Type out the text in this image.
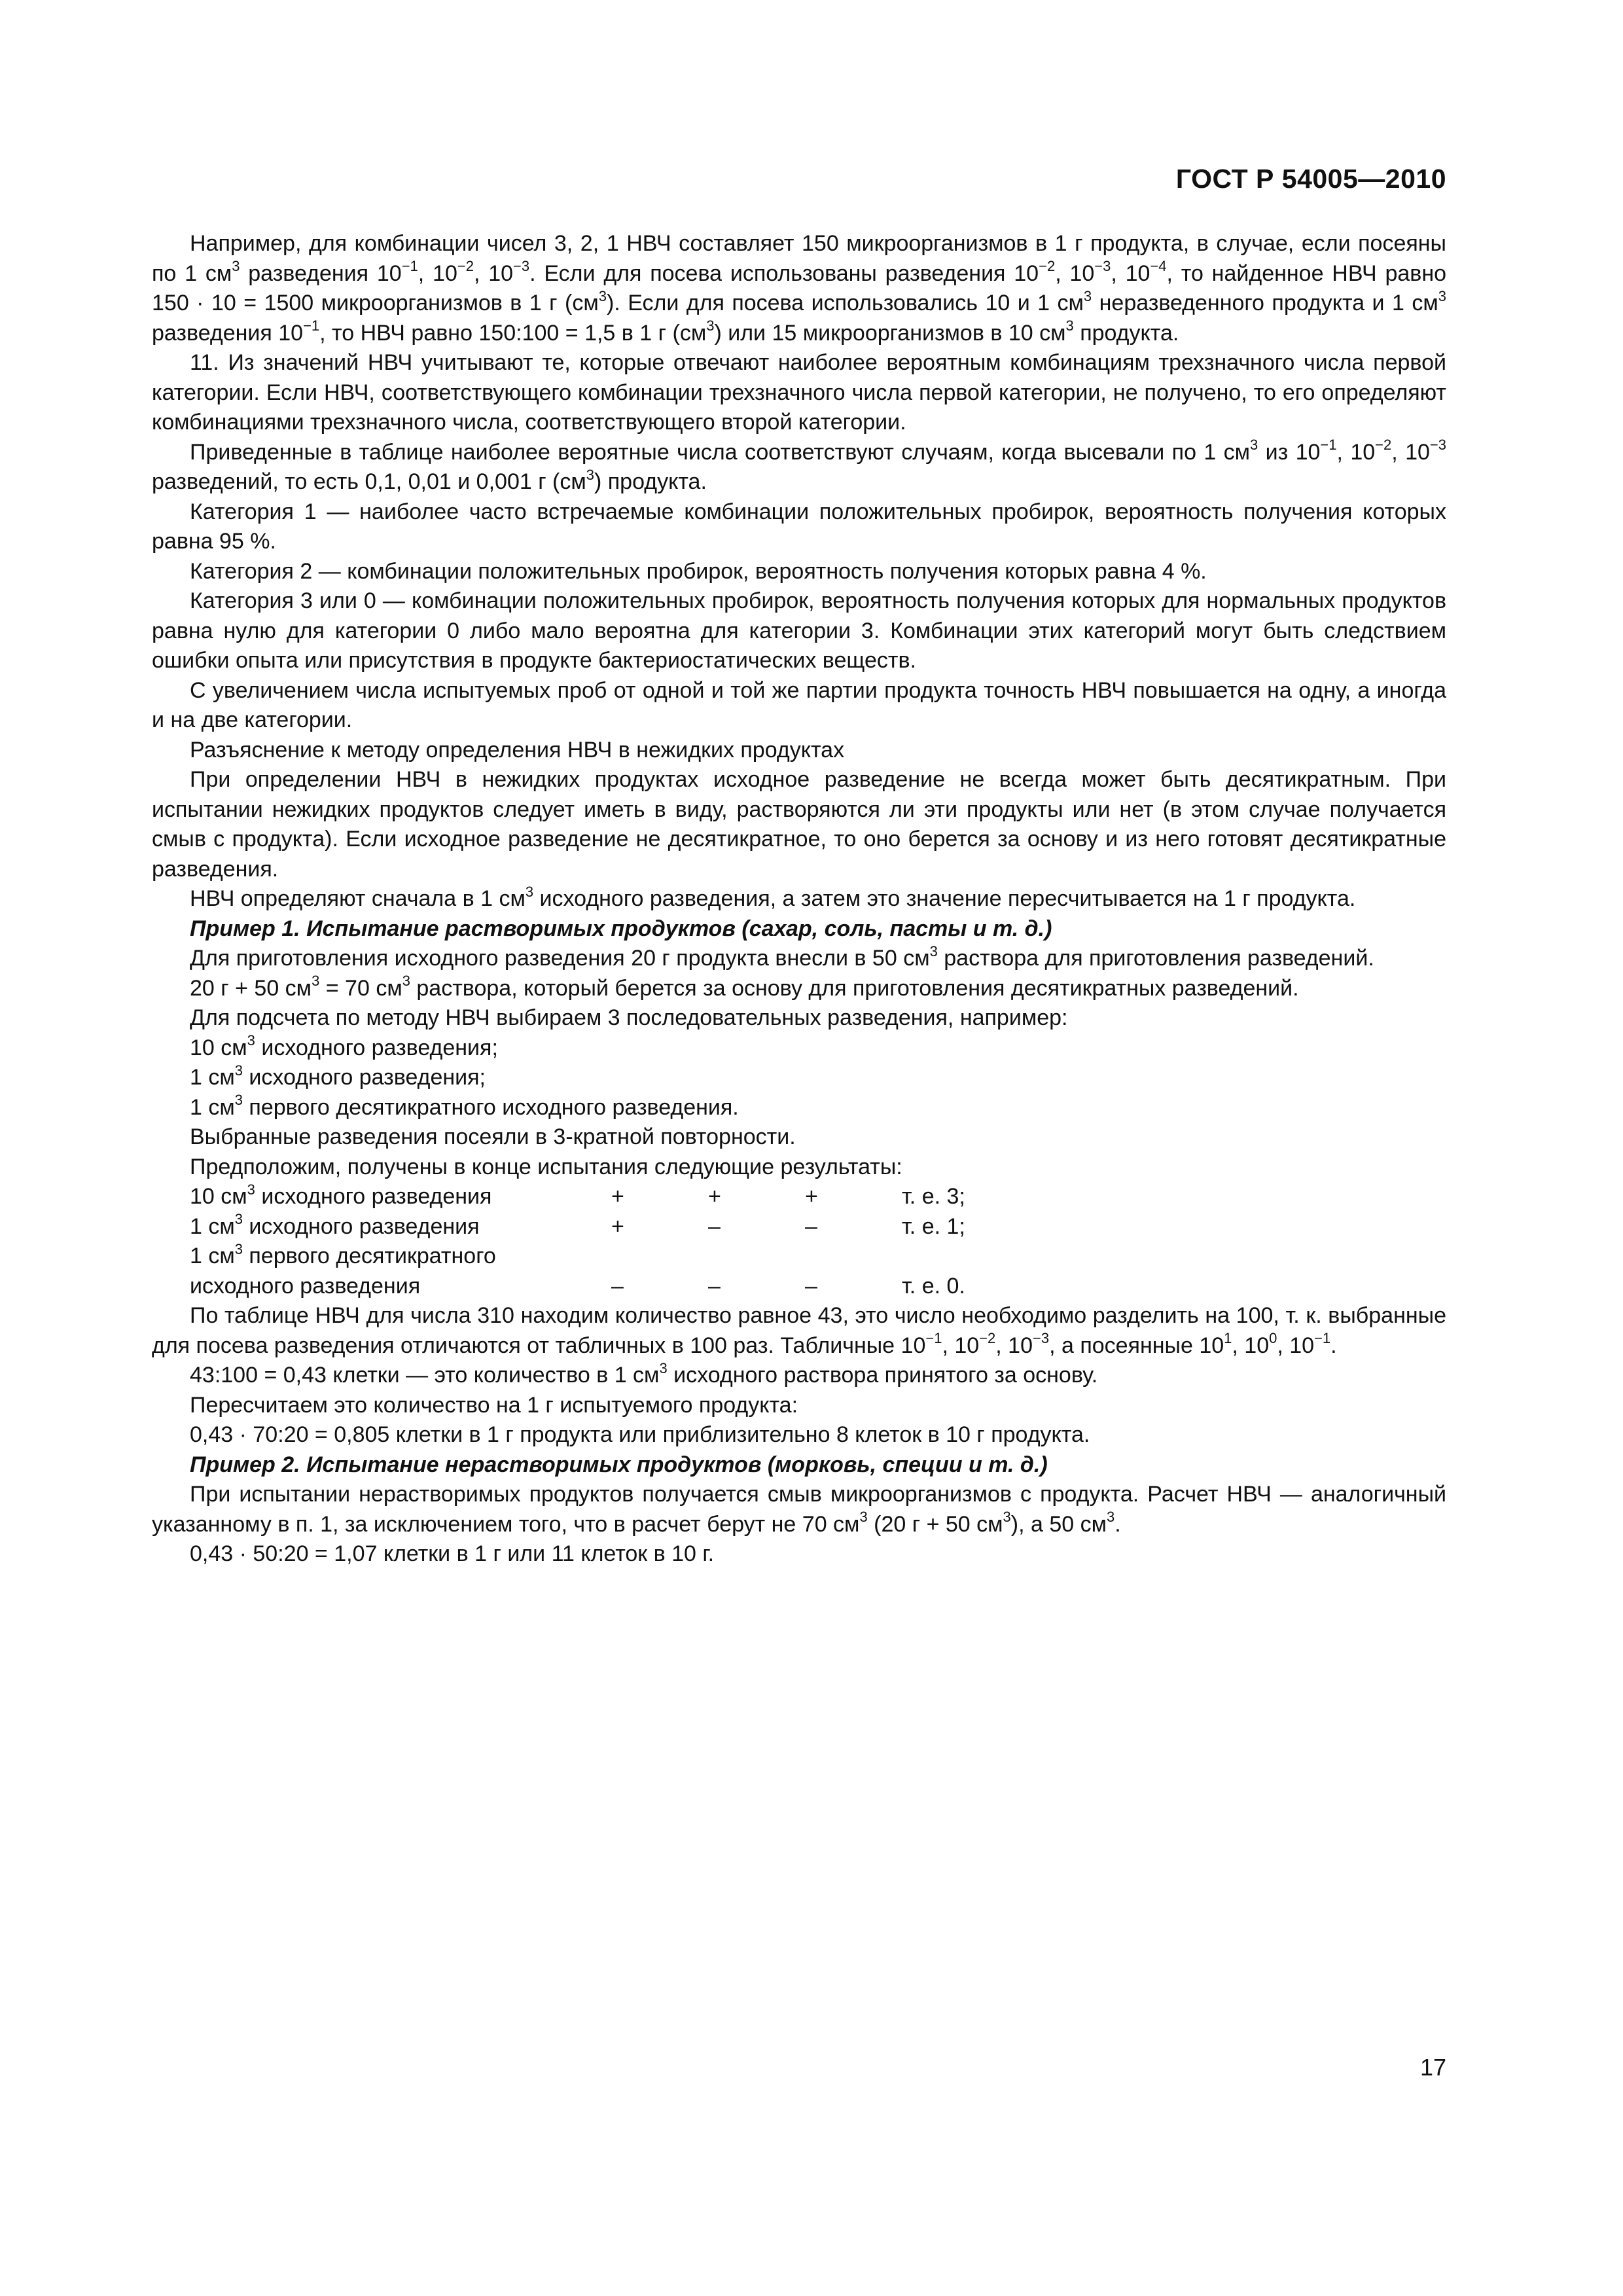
ГОСТ Р 54005—2010

Например, для комбинации чисел 3, 2, 1 НВЧ составляет 150 микроорганизмов в 1 г продукта, в случае, если посеяны по 1 $см^3$ разведения $10^{-1}$, $10^{-2}$, $10^{-3}$. Если для посева использованы разведения $10^{-2}$, $10^{-3}$, $10^{-4}$, то найденное НВЧ равно 150 · 10 = 1500 микроорганизмов в 1 г $(см^3)$. Если для посева использовались 10 и 1 $см^3$ неразведенного продукта и 1 $см^3$ разведения $10^{-1}$, то НВЧ равно 150:100 = 1,5 в 1 г $(см^3)$ или 15 микроорганизмов в 10 $см^3$ продукта.

11. Из значений НВЧ учитывают те, которые отвечают наиболее вероятным комбинациям трехзначного числа первой категории. Если НВЧ, соответствующего комбинации трехзначного числа первой категории, не получено, то его определяют комбинациями трехзначного числа, соответствующего второй категории.

Приведенные в таблице наиболее вероятные числа соответствуют случаям, когда высевали по 1 $см^3$ из $10^{-1}$, $10^{-2}$, $10^{-3}$ разведений, то есть 0,1, 0,01 и 0,001 г $(см^3)$ продукта.

Категория 1 — наиболее часто встречаемые комбинации положительных пробирок, вероятность получения которых равна 95 %.

Категория 2 — комбинации положительных пробирок, вероятность получения которых равна 4 %.

Категория 3 или 0 — комбинации положительных пробирок, вероятность получения которых для нормальных продуктов равна нулю для категории 0 либо мало вероятна для категории 3. Комбинации этих категорий могут быть следствием ошибки опыта или присутствия в продукте бактериостатических веществ.

С увеличением числа испытуемых проб от одной и той же партии продукта точность НВЧ повышается на одну, а иногда и на две категории.

Разъяснение к методу определения НВЧ в нежидких продуктах

При определении НВЧ в нежидких продуктах исходное разведение не всегда может быть десятикратным. При испытании нежидких продуктов следует иметь в виду, растворяются ли эти продукты или нет (в этом случае получается смыв с продукта). Если исходное разведение не десятикратное, то оно берется за основу и из него готовят десятикратные разведения.

НВЧ определяют сначала в 1 $см^3$ исходного разведения, а затем это значение пересчитывается на 1 г продукта.

Пример 1. Испытание растворимых продуктов (сахар, соль, пасты и т. д.)

Для приготовления исходного разведения 20 г продукта внесли в 50 $см^3$ раствора для приготовления разведений.

20 г + 50 $см^3 = 70$ $см^3$ раствора, который берется за основу для приготовления десятикратных разведений.

Для подсчета по методу НВЧ выбираем 3 последовательных разведения, например:

10 $см^3$ исходного разведения;

1 $см^3$ исходного разведения;

1 $см^3$ первого десятикратного исходного разведения.

Выбранные разведения посеяли в 3-кратной повторности.

Предположим, получены в конце испытания следующие результаты:

10 $см^3$ исходного разведения	+	+	+	т. е. 3;
1 $см^3$ исходного разведения	+	–	–	т. е. 1;
1 $см^3$ первого десятикратного
исходного разведения	–	–	–	т. е. 0.

По таблице НВЧ для числа 310 находим количество равное 43, это число необходимо разделить на 100, т. к. выбранные для посева разведения отличаются от табличных в 100 раз. Табличные $10^{-1}$, $10^{-2}$, $10^{-3}$, а посеянные $10^1$, $10^0$, $10^{-1}$.

43:100 = 0,43 клетки — это количество в 1 $см^3$ исходного раствора принятого за основу.

Пересчитаем это количество на 1 г испытуемого продукта:

0,43 · 70:20 = 0,805 клетки в 1 г продукта или приблизительно 8 клеток в 10 г продукта.

Пример 2. Испытание нерастворимых продуктов (морковь, специи и т. д.)

При испытании нерастворимых продуктов получается смыв микроорганизмов с продукта. Расчет НВЧ — аналогичный указанному в п. 1, за исключением того, что в расчет берут не 70 $см^3$ (20 г + 50 $см^3$), а 50 $см^3$.

0,43 · 50:20 = 1,07 клетки в 1 г или 11 клеток в 10 г.

17
